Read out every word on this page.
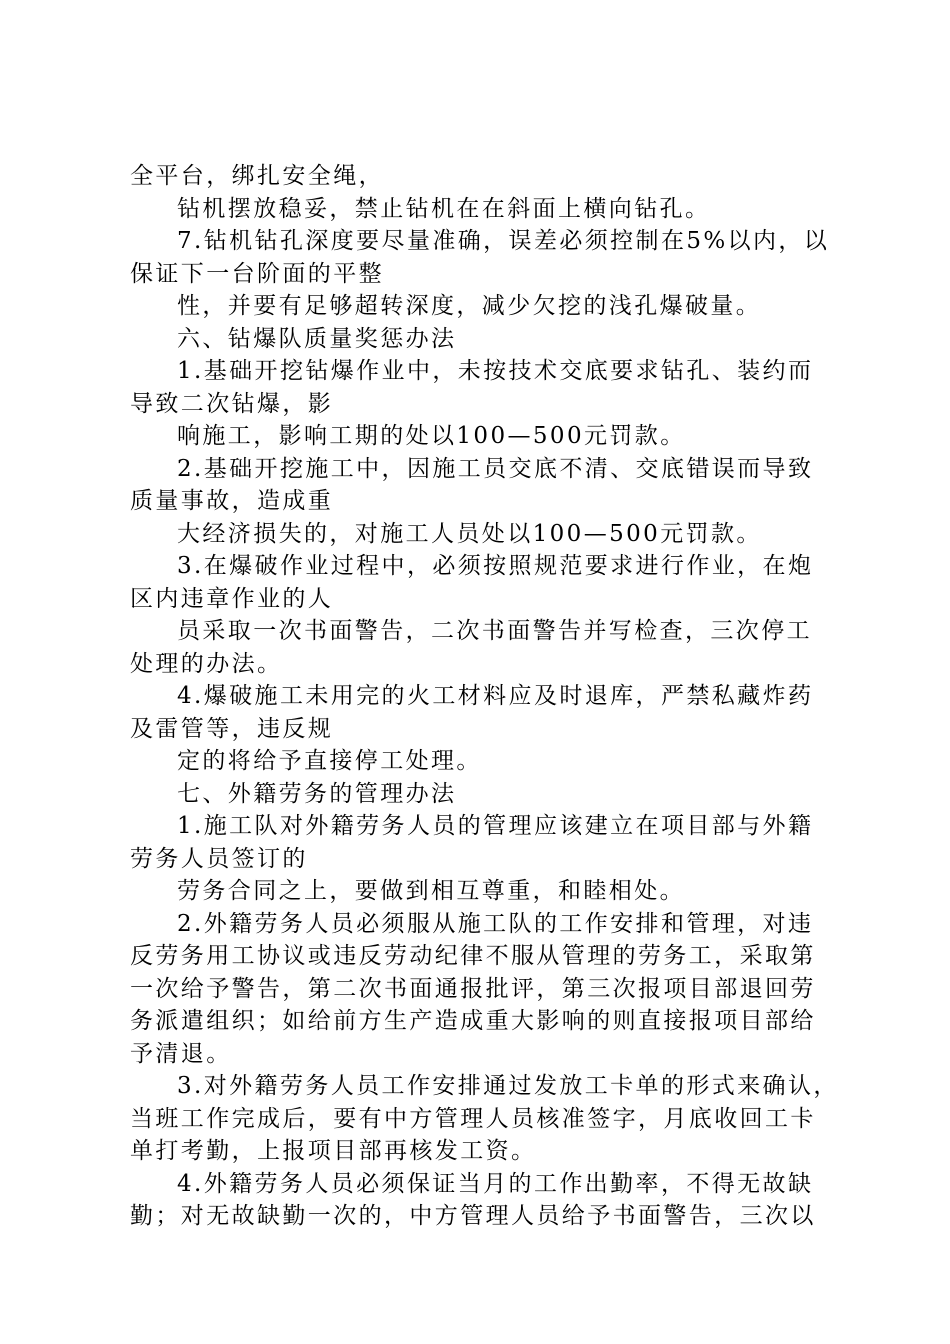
全平台，绑扎安全绳，

钻机摆放稳妥，禁止钻机在在斜面上横向钻孔。

7.钻机钻孔深度要尽量准确，误差必须控制在5%以内，以

保证下一台阶面的平整

性，并要有足够超转深度，减少欠挖的浅孔爆破量。

六、钻爆队质量奖惩办法

1.基础开挖钻爆作业中，未按技术交底要求钻孔、装约而

导致二次钻爆，影

响施工，影响工期的处以100—500元罚款。

2.基础开挖施工中，因施工员交底不清、交底错误而导致

质量事故，造成重

大经济损失的，对施工人员处以100—500元罚款。

3.在爆破作业过程中，必须按照规范要求进行作业，在炮

区内违章作业的人

员采取一次书面警告，二次书面警告并写检查，三次停工

处理的办法。

4.爆破施工未用完的火工材料应及时退库，严禁私藏炸药

及雷管等，违反规

定的将给予直接停工处理。

七、外籍劳务的管理办法

1.施工队对外籍劳务人员的管理应该建立在项目部与外籍

劳务人员签订的

劳务合同之上，要做到相互尊重，和睦相处。

2.外籍劳务人员必须服从施工队的工作安排和管理，对违

反劳务用工协议或违反劳动纪律不服从管理的劳务工，采取第

一次给予警告，第二次书面通报批评，第三次报项目部退回劳

务派遣组织；如给前方生产造成重大影响的则直接报项目部给

予清退。

3.对外籍劳务人员工作安排通过发放工卡单的形式来确认，

当班工作完成后，要有中方管理人员核准签字，月底收回工卡

单打考勤，上报项目部再核发工资。

4.外籍劳务人员必须保证当月的工作出勤率，不得无故缺

勤；对无故缺勤一次的，中方管理人员给予书面警告，三次以
